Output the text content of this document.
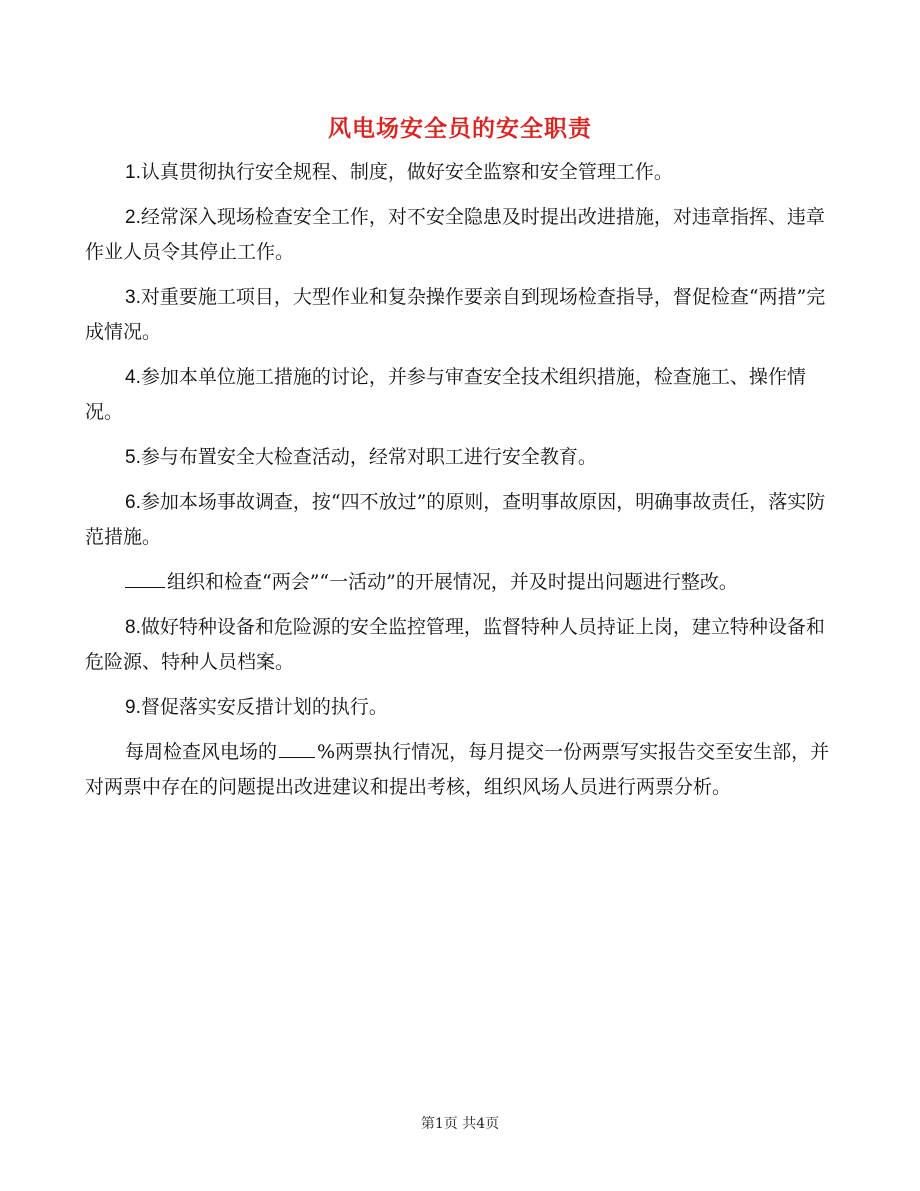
风电场安全员的安全职责

1.认真贯彻执行安全规程、制度，做好安全监察和安全管理工作。

2.经常深入现场检查安全工作，对不安全隐患及时提出改进措施，对违章指挥、违章作业人员令其停止工作。

3.对重要施工项目，大型作业和复杂操作要亲自到现场检查指导，督促检查“两措”完成情况。

4.参加本单位施工措施的讨论，并参与审查安全技术组织措施，检查施工、操作情况。

5.参与布置安全大检查活动，经常对职工进行安全教育。

6.参加本场事故调查，按“四不放过”的原则，查明事故原因，明确事故责任，落实防范措施。

组织和检查“两会”“一活动”的开展情况，并及时提出问题进行整改。

8.做好特种设备和危险源的安全监控管理，监督特种人员持证上岗，建立特种设备和危险源、特种人员档案。

9.督促落实安反措计划的执行。

每周检查风电场的 %两票执行情况，每月提交一份两票写实报告交至安生部，并对两票中存在的问题提出改进建议和提出考核，组织风场人员进行两票分析。

第1页 共4页
